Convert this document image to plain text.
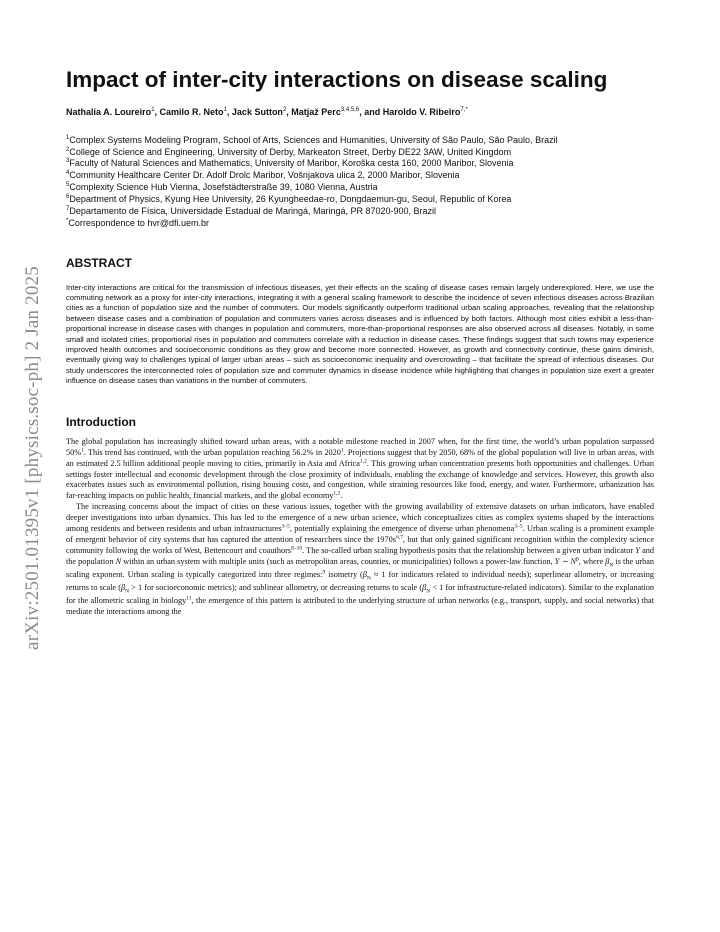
arXiv:2501.01395v1 [physics.soc-ph] 2 Jan 2025
Impact of inter-city interactions on disease scaling
Nathalia A. Loureiro$^1$, Camilo R. Neto$^1$, Jack Sutton$^2$, Matjaž Perc$^{3,4,5,6}$, and Haroldo V. Ribeiro$^{7,*}$
$^1$Complex Systems Modeling Program, School of Arts, Sciences and Humanities, University of São Paulo, São Paulo, Brazil
$^2$College of Science and Engineering, University of Derby, Markeaton Street, Derby DE22 3AW, United Kingdom
$^3$Faculty of Natural Sciences and Mathematics, University of Maribor, Koroška cesta 160, 2000 Maribor, Slovenia
$^4$Community Healthcare Center Dr. Adolf Drolc Maribor, Vošnjakova ulica 2, 2000 Maribor, Slovenia
$^5$Complexity Science Hub Vienna, Josefstädterstraße 39, 1080 Vienna, Austria
$^6$Department of Physics, Kyung Hee University, 26 Kyungheedae-ro, Dongdaemun-gu, Seoul, Republic of Korea
$^7$Departamento de Física, Universidade Estadual de Maringá, Maringá, PR 87020-900, Brazil
*Correspondence to hvr@dfi.uem.br
ABSTRACT
Inter-city interactions are critical for the transmission of infectious diseases, yet their effects on the scaling of disease cases remain largely underexplored. Here, we use the commuting network as a proxy for inter-city interactions, integrating it with a general scaling framework to describe the incidence of seven infectious diseases across Brazilian cities as a function of population size and the number of commuters. Our models significantly outperform traditional urban scaling approaches, revealing that the relationship between disease cases and a combination of population and commuters varies across diseases and is influenced by both factors. Although most cities exhibit a less-than-proportional increase in disease cases with changes in population and commuters, more-than-proportional responses are also observed across all diseases. Notably, in some small and isolated cities, proportional rises in population and commuters correlate with a reduction in disease cases. These findings suggest that such towns may experience improved health outcomes and socioeconomic conditions as they grow and become more connected. However, as growth and connectivity continue, these gains diminish, eventually giving way to challenges typical of larger urban areas – such as socioeconomic inequality and overcrowding – that facilitate the spread of infectious diseases. Our study underscores the interconnected roles of population size and commuter dynamics in disease incidence while highlighting that changes in population size exert a greater influence on disease cases than variations in the number of commuters.
Introduction

The global population has increasingly shifted toward urban areas, with a notable milestone reached in 2007 when, for the first time, the world’s urban population surpassed 50%$^1$. This trend has continued, with the urban population reaching 56.2% in 2020$^1$. Projections suggest that by 2050, 68% of the global population will live in urban areas, with an estimated 2.5 billion additional people moving to cities, primarily in Asia and Africa$^{1,2}$. This growing urban concentration presents both opportunities and challenges. Urban settings foster intellectual and economic development through the close proximity of individuals, enabling the exchange of knowledge and services. However, this growth also exacerbates issues such as environmental pollution, rising housing costs, and congestion, while straining resources like food, energy, and water. Furthermore, urbanization has far-reaching impacts on public health, financial markets, and the global economy$^{1,2}$.

The increasing concerns about the impact of cities on these various issues, together with the growing availability of extensive datasets on urban indicators, have enabled deeper investigations into urban dynamics. This has led to the emergence of a new urban science, which conceptualizes cities as complex systems shaped by the interactions among residents and between residents and urban infrastructures$^{3-5}$, potentially explaining the emergence of diverse urban phenomena$^{3-5}$. Urban scaling is a prominent example of emergent behavior of city systems that has captured the attention of researchers since the $1970s^{6,7}$, but that only gained significant recognition within the complexity science community following the works of West, Bettencourt and coauthors$^{8-10}$. The so-called urban scaling hypothesis posits that the relationship between a given urban indicator Y and the population N within an urban system with multiple units (such as metropolitan areas, counties, or municipalities) follows a power-law function, Y ∼ $N^\beta$, where $\beta_N$ is the urban scaling exponent. Urban scaling is typically categorized into three regimes:$^9$ isometry ($\beta_N \approx 1$ for indicators related to individual needs); superlinear allometry, or increasing returns to scale ($\beta_N > 1$ for socioeconomic metrics); and sublinear allometry, or decreasing returns to scale ($\beta_N < 1$ for infrastructure-related indicators). Similar to the explanation for the allometric scaling in biology$^{11}$, the emergence of this pattern is attributed to the underlying structure of urban networks (e.g., transport, supply, and social networks) that mediate the interactions among the
